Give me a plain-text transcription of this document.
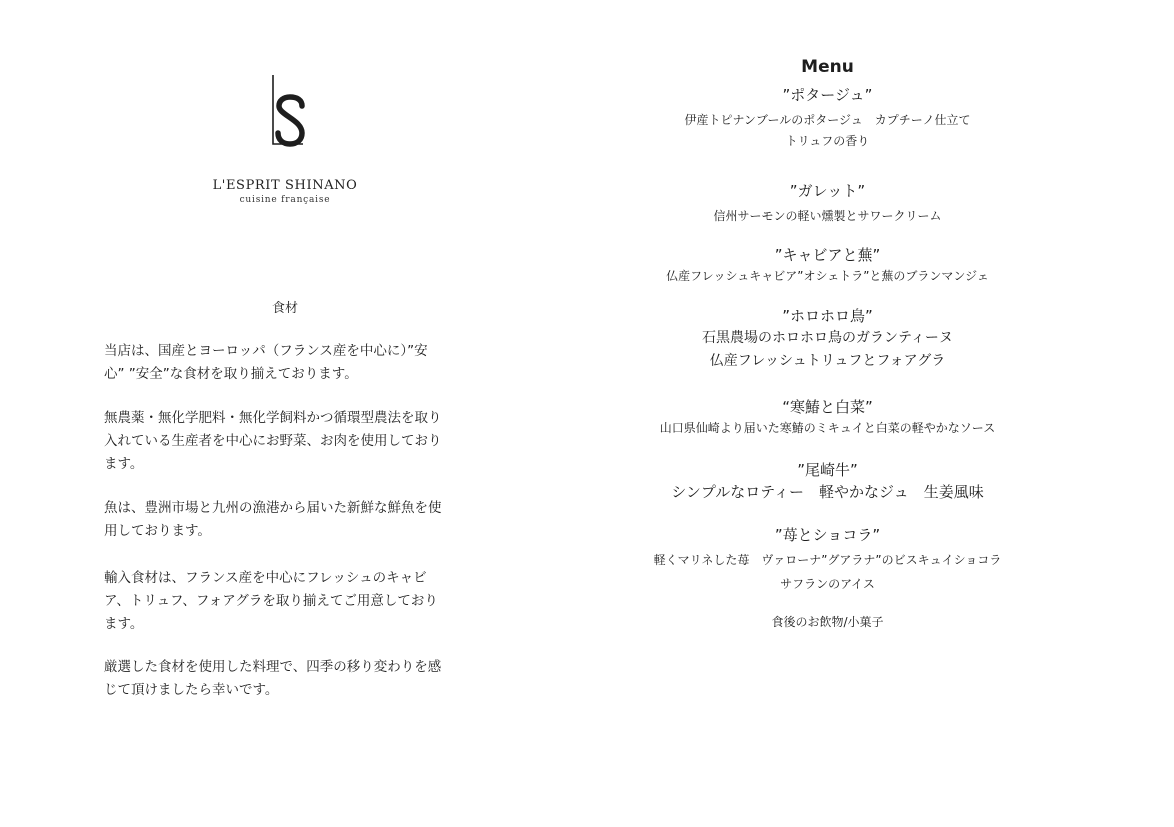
L'ESPRIT SHINANO
cuisine française
食材

当店は、国産とヨーロッパ（フランス産を中心に）”安
心” ”安全”な食材を取り揃えております。

無農薬・無化学肥料・無化学飼料かつ循環型農法を取り
入れている生産者を中心にお野菜、お肉を使用しており
ます。

魚は、豊洲市場と九州の漁港から届いた新鮮な鮮魚を使
用しております。

輸入食材は、フランス産を中心にフレッシュのキャビ
ア、トリュフ、フォアグラを取り揃えてご用意しており
ます。

厳選した食材を使用した料理で、四季の移り変わりを感
じて頂けましたら幸いです。

Menu
”ポタージュ”
伊産トピナンブールのポタージュ　カプチーノ仕立て
トリュフの香り
”ガレット”
信州サーモンの軽い燻製とサワークリーム
”キャビアと蕪”
仏産フレッシュキャビア”オシェトラ”と蕪のブランマンジェ
”ホロホロ鳥”
石黒農場のホロホロ鳥のガランティーヌ
仏産フレッシュトリュフとフォアグラ
“寒鰆と白菜”
山口県仙崎より届いた寒鰆のミキュイと白菜の軽やかなソース
”尾崎牛”
シンプルなロティー　軽やかなジュ　生姜風味
”苺とショコラ”
軽くマリネした苺　ヴァローナ”グアラナ”のビスキュイショコラ
サフランのアイス
食後のお飲物/小菓子
